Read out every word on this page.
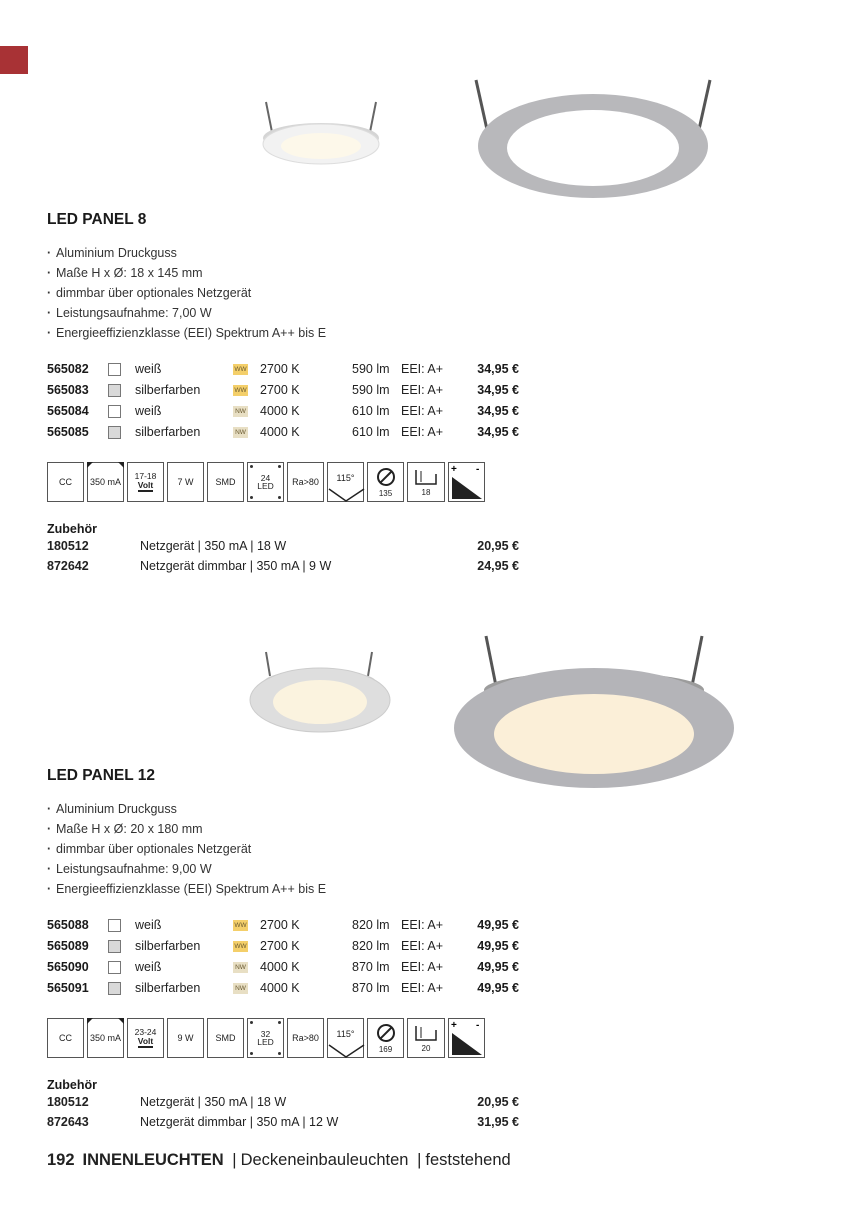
LED PANEL 8
· Aluminium Druckguss
· Maße H x Ø: 18 x 145 mm
· dimmbar über optionales Netzgerät
· Leistungsaufnahme: 7,00 W
· Energieeffizienzklasse (EEI) Spektrum A++ bis E
565082	weiß	WW 2700 K	590 lm EEI: A+	34,95 €
565083	silberfarben	WW 2700 K	590 lm EEI: A+	34,95 €
565084	weiß	NW 4000 K	610 lm EEI: A+	34,95 €
565085	silberfarben	NW 4000 K	610 lm EEI: A+	34,95 €
CC 350 mA
17-18
Volt	7 W SMD	24
LED Ra>80 115°
135	18
+ -
Zubehör
180512	Netzgerät | 350 mA | 18 W	20,95 €
872642	Netzgerät dimmbar | 350 mA | 9 W	24,95 €
LED PANEL 12
· Aluminium Druckguss
· Maße H x Ø: 20 x 180 mm
· dimmbar über optionales Netzgerät
· Leistungsaufnahme: 9,00 W
· Energieeffizienzklasse (EEI) Spektrum A++ bis E
565088	weiß	WW 2700 K	820 lm EEI: A+	49,95 €
565089	silberfarben	WW 2700 K	820 lm EEI: A+	49,95 €
565090	weiß	NW 4000 K	870 lm EEI: A+	49,95 €
565091	silberfarben	NW 4000 K	870 lm EEI: A+	49,95 €
CC 350 mA
23-24
Volt	9 W SMD	32
LED Ra>80 115°
169	20
+ -
Zubehör
180512	Netzgerät | 350 mA | 18 W	20,95 €
872643	Netzgerät dimmbar | 350 mA | 12 W	31,95 €
192 INNENLEUCHTEN | Deckeneinbauleuchten | feststehend
